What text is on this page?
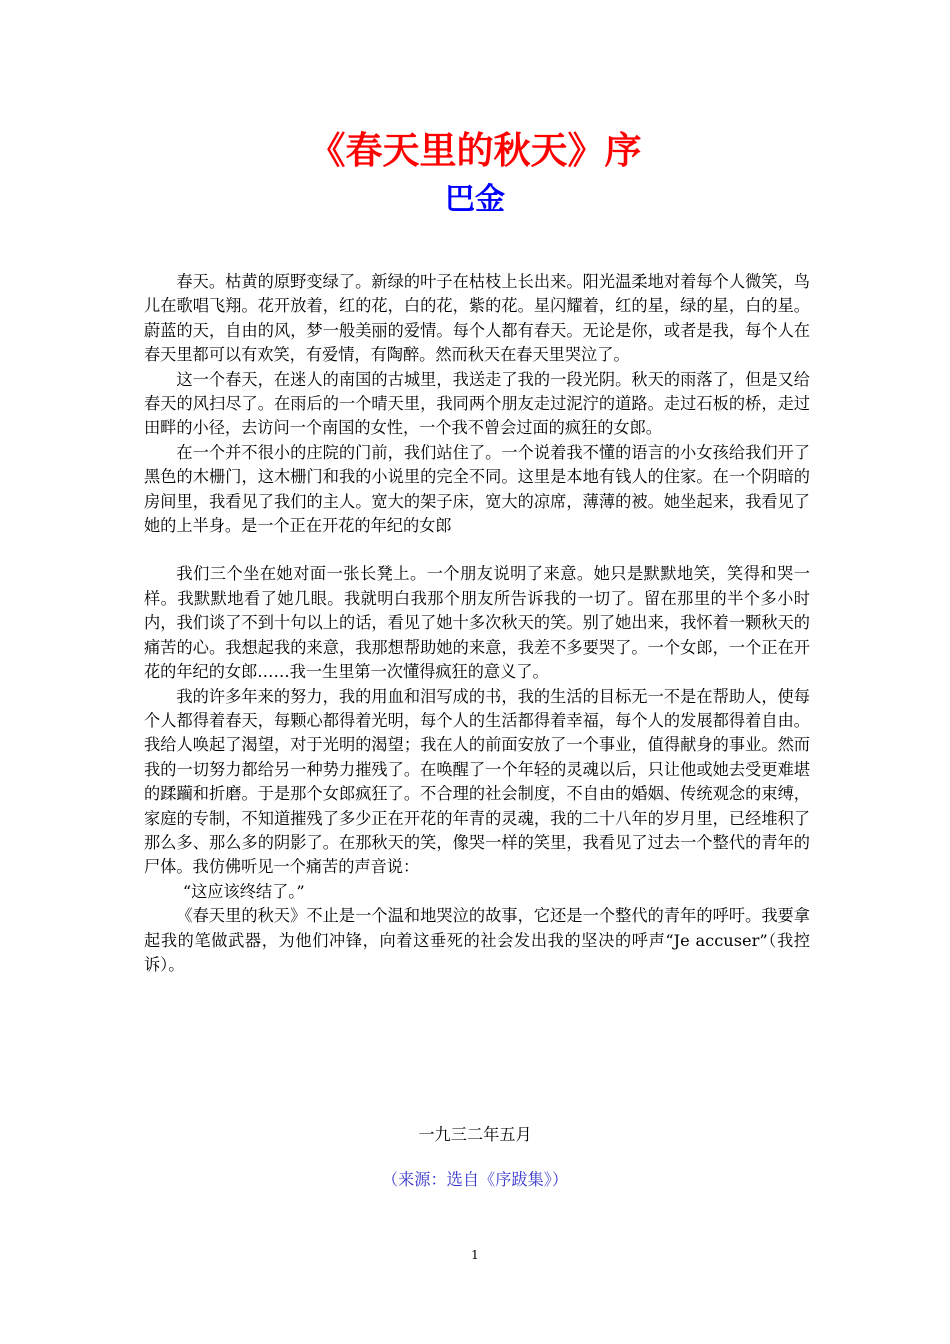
《春天里的秋天》序
巴金

春天。枯黄的原野变绿了。新绿的叶子在枯枝上长出来。阳光温柔地对着每个人微笑，鸟儿在歌唱飞翔。花开放着，红的花，白的花，紫的花。星闪耀着，红的星，绿的星，白的星。蔚蓝的天，自由的风，梦一般美丽的爱情。每个人都有春天。无论是你，或者是我，每个人在春天里都可以有欢笑，有爱情，有陶醉。然而秋天在春天里哭泣了。

这一个春天，在迷人的南国的古城里，我送走了我的一段光阴。秋天的雨落了，但是又给春天的风扫尽了。在雨后的一个晴天里，我同两个朋友走过泥泞的道路。走过石板的桥，走过田畔的小径，去访问一个南国的女性，一个我不曾会过面的疯狂的女郎。

在一个并不很小的庄院的门前，我们站住了。一个说着我不懂的语言的小女孩给我们开了黑色的木栅门，这木栅门和我的小说里的完全不同。这里是本地有钱人的住家。在一个阴暗的房间里，我看见了我们的主人。宽大的架子床，宽大的凉席，薄薄的被。她坐起来，我看见了她的上半身。是一个正在开花的年纪的女郎

我们三个坐在她对面一张长凳上。一个朋友说明了来意。她只是默默地笑，笑得和哭一样。我默默地看了她几眼。我就明白我那个朋友所告诉我的一切了。留在那里的半个多小时内，我们谈了不到十句以上的话，看见了她十多次秋天的笑。别了她出来，我怀着一颗秋天的痛苦的心。我想起我的来意，我那想帮助她的来意，我差不多要哭了。一个女郎，一个正在开花的年纪的女郎……我一生里第一次懂得疯狂的意义了。

我的许多年来的努力，我的用血和泪写成的书，我的生活的目标无一不是在帮助人，使每个人都得着春天，每颗心都得着光明，每个人的生活都得着幸福，每个人的发展都得着自由。我给人唤起了渴望，对于光明的渴望；我在人的前面安放了一个事业，值得献身的事业。然而我的一切努力都给另一种势力摧残了。在唤醒了一个年轻的灵魂以后，只让他或她去受更难堪的蹂躏和折磨。于是那个女郎疯狂了。不合理的社会制度，不自由的婚姻、传统观念的束缚，家庭的专制，不知道摧残了多少正在开花的年青的灵魂，我的二十八年的岁月里，已经堆积了那么多、那么多的阴影了。在那秋天的笑，像哭一样的笑里，我看见了过去一个整代的青年的尸体。我仿佛听见一个痛苦的声音说：

“这应该终结了。”

《春天里的秋天》不止是一个温和地哭泣的故事，它还是一个整代的青年的呼吁。我要拿起我的笔做武器，为他们冲锋，向着这垂死的社会发出我的坚决的呼声“Je accuser”（我控诉）。

一九三二年五月

（来源：选自《序跋集》）

1
